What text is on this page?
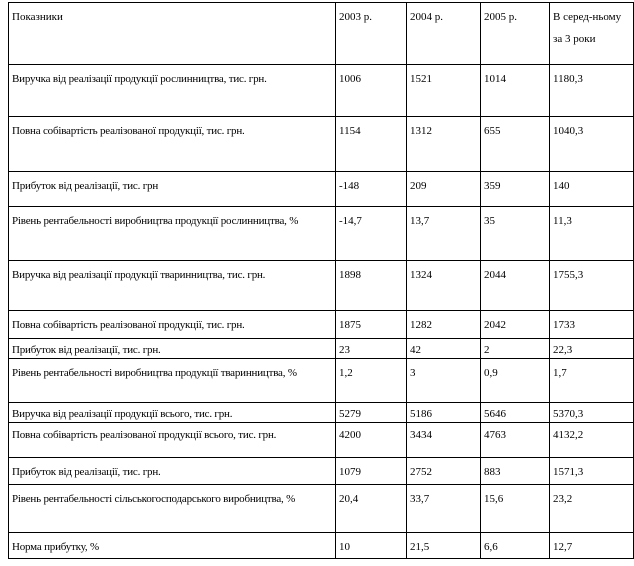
Показники	2003 р.	2004 р.	2005 р.	В серед-ньому за 3 роки
Виручка від реалізації продукції рослинництва, тис. грн.	1006	1521	1014	1180,3
Повна собівартість реалізованої продукції, тис. грн.	1154	1312	655	1040,3
Прибуток від реалізації, тис. грн	-148	209	359	140
Рівень рентабельності виробництва продукції рослинництва, %	-14,7	13,7	35	11,3
Виручка від реалізації продукції тваринництва, тис. грн.	1898	1324	2044	1755,3
Повна собівартість реалізованої продукції, тис. грн.	1875	1282	2042	1733
Прибуток від реалізації, тис. грн.	23	42	2	22,3
Рівень рентабельності виробництва продукції тваринництва, %	1,2	3	0,9	1,7
Виручка від реалізації продукції всього, тис. грн.	5279	5186	5646	5370,3
Повна собівартість реалізованої продукції всього, тис. грн.	4200	3434	4763	4132,2
Прибуток від реалізації, тис. грн.	1079	2752	883	1571,3
Рівень рентабельності сільськогосподарського виробництва, %	20,4	33,7	15,6	23,2
Норма прибутку, %	10	21,5	6,6	12,7
